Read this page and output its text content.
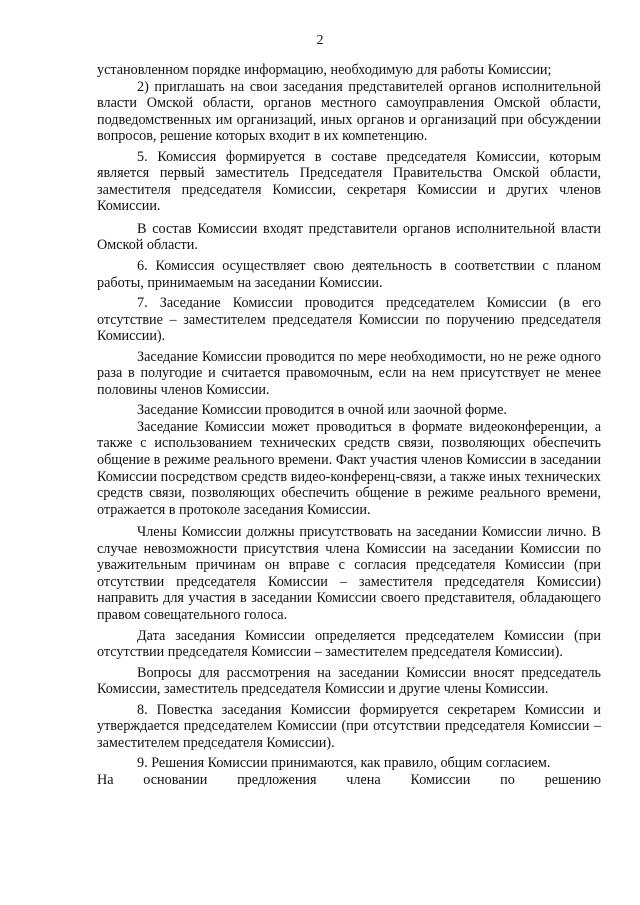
2

установленном порядке информацию, необходимую для работы Комиссии;

2) приглашать на свои заседания представителей органов исполнительной власти Омской области, органов местного самоуправления Омской области, подведомственных им организаций, иных органов и организаций при обсуждении вопросов, решение которых входит в их компетенцию.

5. Комиссия формируется в составе председателя Комиссии, которым является первый заместитель Председателя Правительства Омской области, заместителя председателя Комиссии, секретаря Комиссии и других членов Комиссии.

В состав Комиссии входят представители органов исполнительной власти Омской области.

6. Комиссия осуществляет свою деятельность в соответствии с планом работы, принимаемым на заседании Комиссии.

7. Заседание Комиссии проводится председателем Комиссии (в его отсутствие – заместителем председателя Комиссии по поручению председателя Комиссии).

Заседание Комиссии проводится по мере необходимости, но не реже одного раза в полугодие и считается правомочным, если на нем присутствует не менее половины членов Комиссии.

Заседание Комиссии проводится в очной или заочной форме.

Заседание Комиссии может проводиться в формате видеоконференции, а также с использованием технических средств связи, позволяющих обеспечить общение в режиме реального времени. Факт участия членов Комиссии в заседании Комиссии посредством средств видео-конференц-связи, а также иных технических средств связи, позволяющих обеспечить общение в режиме реального времени, отражается в протоколе заседания Комиссии.

Члены Комиссии должны присутствовать на заседании Комиссии лично. В случае невозможности присутствия члена Комиссии на заседании Комиссии по уважительным причинам он вправе с согласия председателя Комиссии (при отсутствии председателя Комиссии – заместителя председателя Комиссии) направить для участия в заседании Комиссии своего представителя, обладающего правом совещательного голоса.

Дата заседания Комиссии определяется председателем Комиссии (при отсутствии председателя Комиссии – заместителем председателя Комиссии).

Вопросы для рассмотрения на заседании Комиссии вносят председатель Комиссии, заместитель председателя Комиссии и другие члены Комиссии.

8. Повестка заседания Комиссии формируется секретарем Комиссии и утверждается председателем Комиссии (при отсутствии председателя Комиссии – заместителем председателя Комиссии).

9. Решения Комиссии принимаются, как правило, общим согласием.

На основании предложения члена Комиссии по решению
